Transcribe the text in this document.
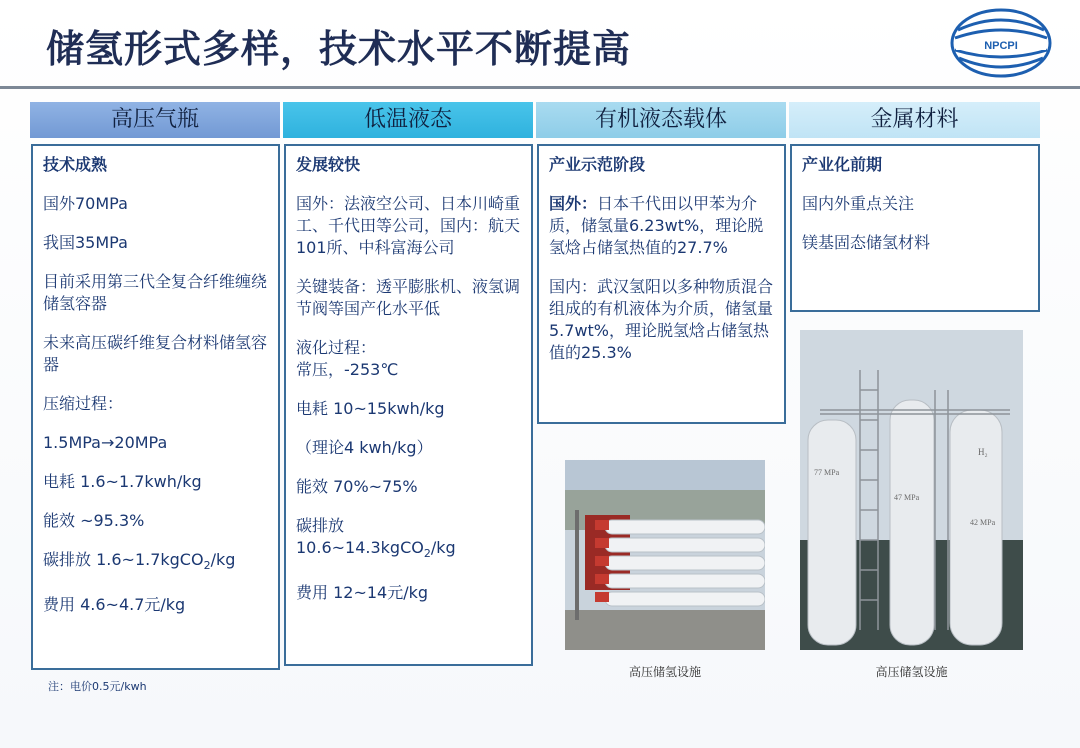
储氢形式多样，技术水平不断提高	NPCPI
高压气瓶	低温液态	有机液态载体	金属材料

技术成熟

国外70MPa

我国35MPa

目前采用第三代全复合纤维缠绕储氢容器

未来高压碳纤维复合材料储氢容器

压缩过程：

1.5MPa→20MPa

电耗 1.6~1.7kwh/kg

能效 ~95.3%

碳排放 1.6~1.7kgCO$_2$/kg

费用 4.6~4.7元/kg

发展较快

国外：法液空公司、日本川崎重工、千代田等公司，国内：航天101所、中科富海公司

关键装备：透平膨胀机、液氢调节阀等国产化水平低

液化过程：

常压，-253℃

电耗 10~15kwh/kg

（理论4 kwh/kg）

能效 70%~75%

碳排放

10.6~14.3kgCO$_2$/kg

费用 12~14元/kg

产业示范阶段

国外：日本千代田以甲苯为介质，储氢量6.23wt%，理论脱氢焓占储氢热值的27.7%

国内：武汉氢阳以多种物质混合组成的有机液体为介质，储氢量5.7wt%，理论脱氢焓占储氢热值的25.3%

产业化前期

国内外重点关注

镁基固态储氢材料

77 MPa
47 MPa
42 MPa
H₂
高压储氢设施	高压储氢设施
注：电价0.5元/kwh
